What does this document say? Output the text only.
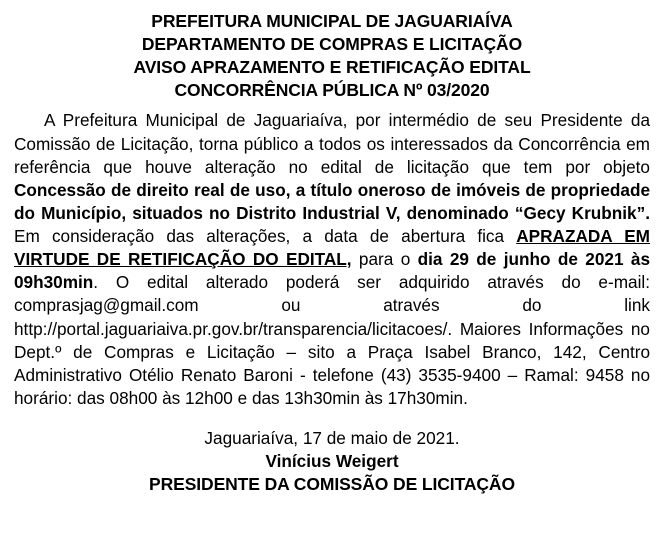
PREFEITURA MUNICIPAL DE JAGUARIAÍVA
DEPARTAMENTO DE COMPRAS E LICITAÇÃO
AVISO APRAZAMENTO E RETIFICAÇÃO EDITAL
CONCORRÊNCIA PÚBLICA Nº 03/2020

A Prefeitura Municipal de Jaguariaíva, por intermédio de seu Presidente da Comissão de Licitação, torna público a todos os interessados da Concorrência em referência que houve alteração no edital de licitação que tem por objeto Concessão de direito real de uso, a título oneroso de imóveis de propriedade do Município, situados no Distrito Industrial V, denominado “Gecy Krubnik”. Em consideração das alterações, a data de abertura fica APRAZADA EM VIRTUDE DE RETIFICAÇÃO DO EDITAL, para o dia 29 de junho de 2021 às 09h30min. O edital alterado poderá ser adquirido através do e-mail: comprasjag@gmail.com ou através do link http://portal.jaguariaiva.pr.gov.br/transparencia/licitacoes/. Maiores Informações no Dept.º de Compras e Licitação – sito a Praça Isabel Branco, 142, Centro Administrativo Otélio Renato Baroni - telefone (43) 3535-9400 – Ramal: 9458 no horário: das 08h00 às 12h00 e das 13h30min às 17h30min.

Jaguariaíva, 17 de maio de 2021.
Vinícius Weigert
PRESIDENTE DA COMISSÃO DE LICITAÇÃO
